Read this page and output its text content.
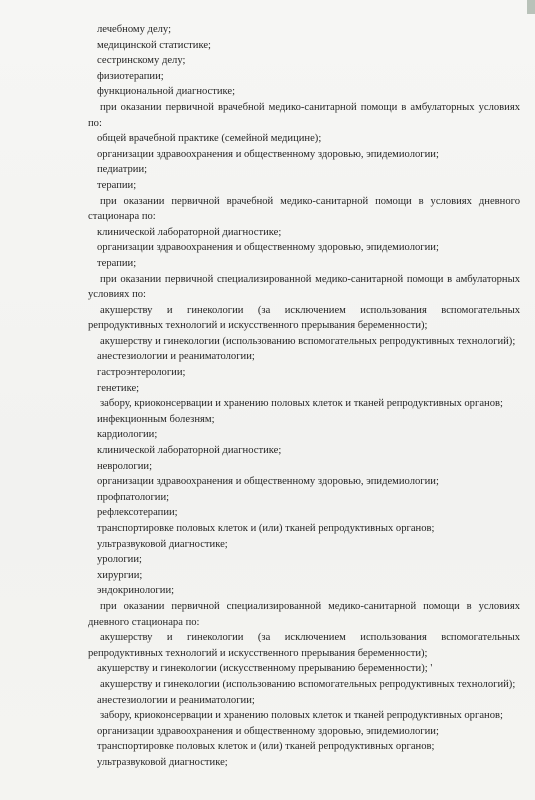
лечебному делу;

медицинской статистике;

сестринскому делу;

физиотерапии;

функциональной диагностике;

при оказании первичной врачебной медико-санитарной помощи в амбулаторных условиях по:

общей врачебной практике (семейной медицине);

организации здравоохранения и общественному здоровью, эпидемиологии;

педиатрии;

терапии;

при оказании первичной врачебной медико-санитарной помощи в условиях дневного стационара по:

клинической лабораторной диагностике;

организации здравоохранения и общественному здоровью, эпидемиологии;

терапии;

при оказании первичной специализированной медико-санитарной помощи в амбулаторных условиях по:

акушерству и гинекологии (за исключением использования вспомогательных репродуктивных технологий и искусственного прерывания беременности);

акушерству и гинекологии (использованию вспомогательных репродуктивных технологий);

анестезиологии и реаниматологии;

гастроэнтерологии;

генетике;

забору, криоконсервации и хранению половых клеток и тканей репродуктивных органов;

инфекционным болезням;

кардиологии;

клинической лабораторной диагностике;

неврологии;

организации здравоохранения и общественному здоровью, эпидемиологии;

профпатологии;

рефлексотерапии;

транспортировке половых клеток и (или) тканей репродуктивных органов;

ультразвуковой диагностике;

урологии;

хирургии;

эндокринологии;

при оказании первичной специализированной медико-санитарной помощи в условиях дневного стационара по:

акушерству и гинекологии (за исключением использования вспомогательных репродуктивных технологий и искусственного прерывания беременности);

акушерству и гинекологии (искусственному прерыванию беременности); '

акушерству и гинекологии (использованию вспомогательных репродуктивных технологий);

анестезиологии и реаниматологии;

забору, криоконсервации и хранению половых клеток и тканей репродуктивных органов;

организации здравоохранения и общественному здоровью, эпидемиологии;

транспортировке половых клеток и (или) тканей репродуктивных органов;

ультразвуковой диагностике;
